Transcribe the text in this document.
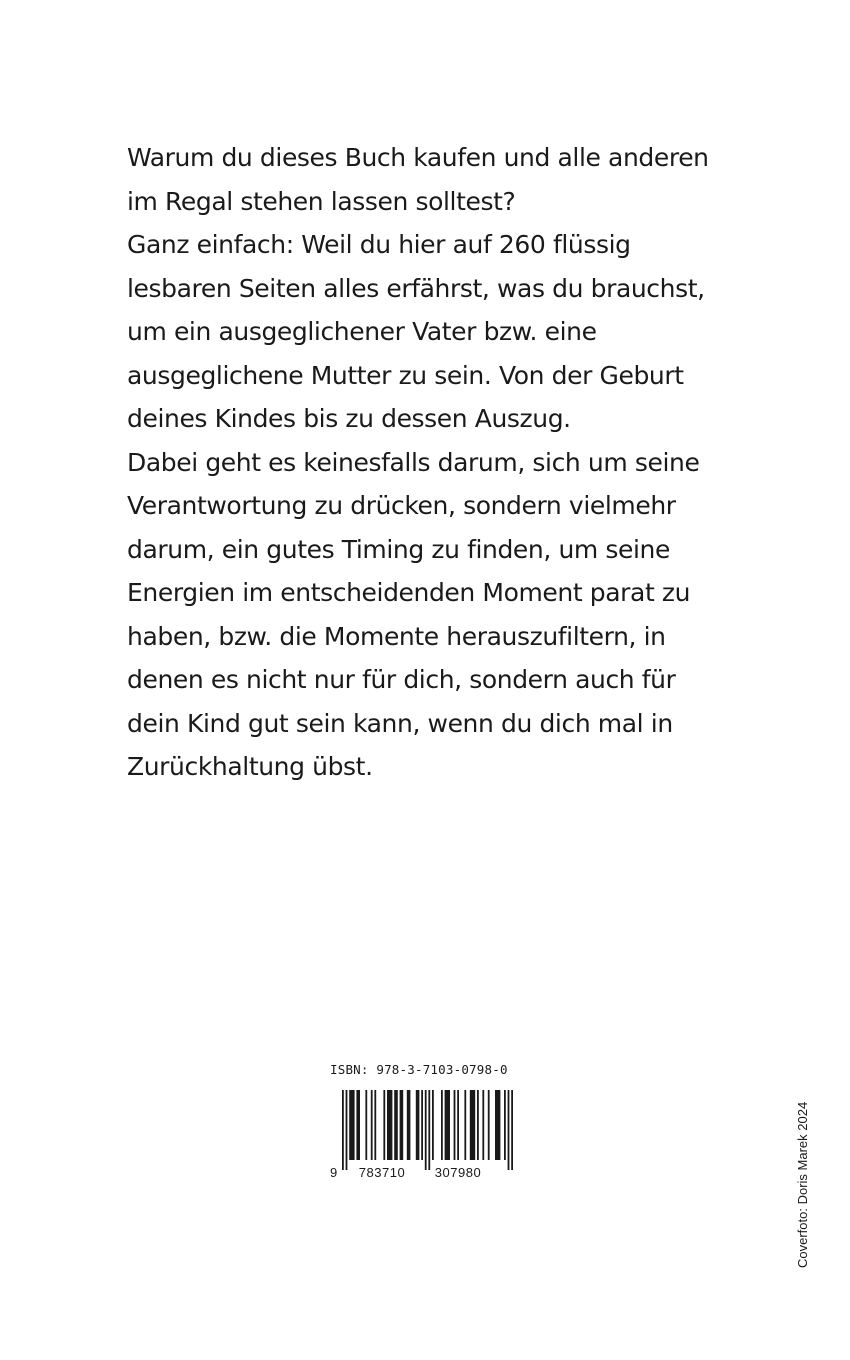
Warum du dieses Buch kaufen und alle anderen
im Regal stehen lassen solltest?
Ganz einfach: Weil du hier auf 260 flüssig
lesbaren Seiten alles erfährst, was du brauchst,
um ein ausgeglichener Vater bzw. eine
ausgeglichene Mutter zu sein. Von der Geburt
deines Kindes bis zu dessen Auszug.
Dabei geht es keinesfalls darum, sich um seine
Verantwortung zu drücken, sondern vielmehr
darum, ein gutes Timing zu finden, um seine
Energien im entscheidenden Moment parat zu
haben, bzw. die Momente herauszufiltern, in
denen es nicht nur für dich, sondern auch für
dein Kind gut sein kann, wenn du dich mal in
Zurückhaltung übst.
ISBN: 978-3-7103-0798-0
9 783710 307980	Coverfoto: Doris Marek 2024
